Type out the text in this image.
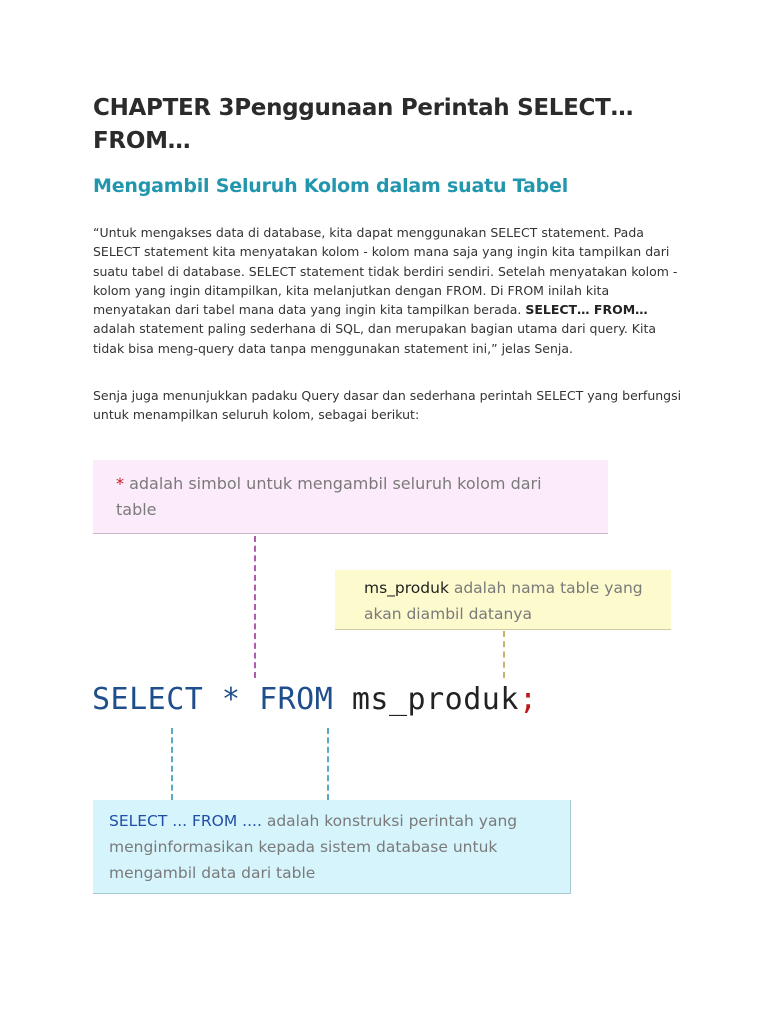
CHAPTER 3Penggunaan Perintah SELECT… FROM…
Mengambil Seluruh Kolom dalam suatu Tabel

“Untuk mengakses data di database, kita dapat menggunakan SELECT statement. Pada SELECT statement kita menyatakan kolom - kolom mana saja yang ingin kita tampilkan dari suatu tabel di database. SELECT statement tidak berdiri sendiri. Setelah menyatakan kolom - kolom yang ingin ditampilkan, kita melanjutkan dengan FROM. Di FROM inilah kita menyatakan dari tabel mana data yang ingin kita tampilkan berada. SELECT… FROM… adalah statement paling sederhana di SQL, dan merupakan bagian utama dari query. Kita tidak bisa meng-query data tanpa menggunakan statement ini,” jelas Senja.

Senja juga menunjukkan padaku Query dasar dan sederhana perintah SELECT yang berfungsi untuk menampilkan seluruh kolom, sebagai berikut:

* adalah simbol untuk mengambil seluruh kolom dari table
ms_produk adalah nama table yang akan diambil datanya
SELECT * FROM ms_produk;
SELECT ... FROM .... adalah konstruksi perintah yang menginformasikan kepada sistem database untuk mengambil data dari table
